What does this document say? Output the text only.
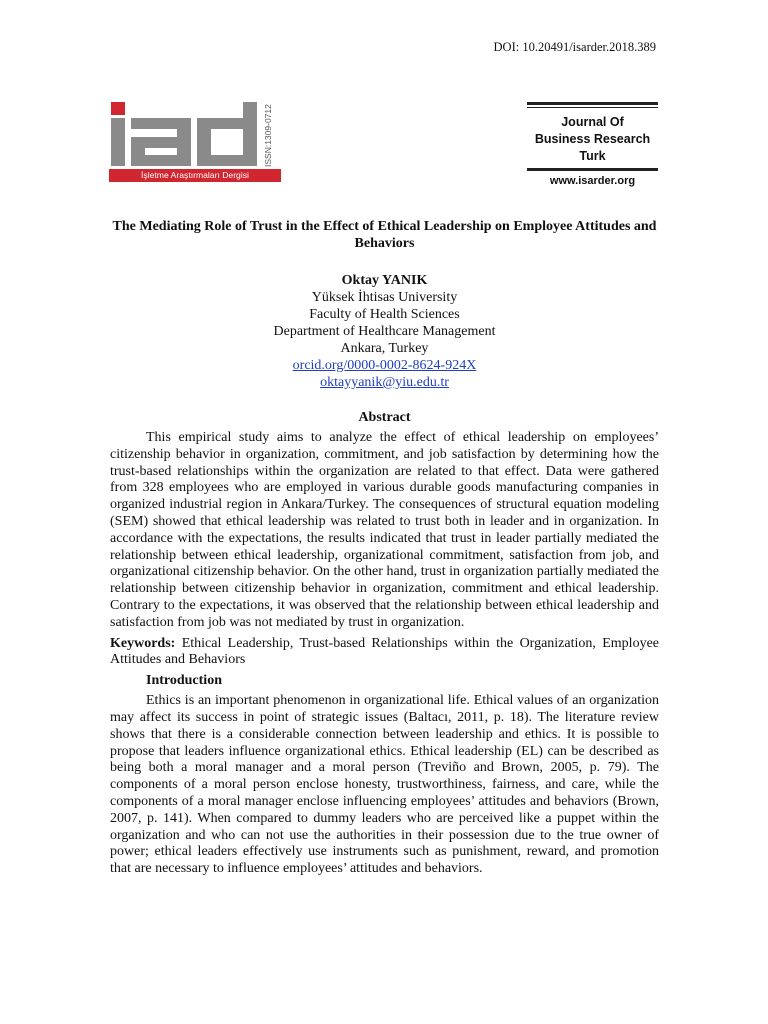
DOI: 10.20491/isarder.2018.389
ISSN:1309-0712
İşletme Araştırmaları Dergisi
Journal Of
Business Research
Turk
www.isarder.org
The Mediating Role of Trust in the Effect of Ethical Leadership on Employee Attitudes and Behaviors
Oktay YANIK
Yüksek İhtisas University
Faculty of Health Sciences
Department of Healthcare Management
Ankara, Turkey
orcid.org/0000-0002-8624-924X
oktayyanik@yiu.edu.tr
Abstract

This empirical study aims to analyze the effect of ethical leadership on employees’ citizenship behavior in organization, commitment, and job satisfaction by determining how the trust-based relationships within the organization are related to that effect. Data were gathered from 328 employees who are employed in various durable goods manufacturing companies in organized industrial region in Ankara/Turkey. The consequences of structural equation modeling (SEM) showed that ethical leadership was related to trust both in leader and in organization. In accordance with the expectations, the results indicated that trust in leader partially mediated the relationship between ethical leadership, organizational commitment, satisfaction from job, and organizational citizenship behavior. On the other hand, trust in organization partially mediated the relationship between citizenship behavior in organization, commitment and ethical leadership. Contrary to the expectations, it was observed that the relationship between ethical leadership and satisfaction from job was not mediated by trust in organization.

Keywords: Ethical Leadership, Trust-based Relationships within the Organization, Employee Attitudes and Behaviors
Introduction

Ethics is an important phenomenon in organizational life. Ethical values of an organization may affect its success in point of strategic issues (Baltacı, 2011, p. 18). The literature review shows that there is a considerable connection between leadership and ethics. It is possible to propose that leaders influence organizational ethics. Ethical leadership (EL) can be described as being both a moral manager and a moral person (Treviño and Brown, 2005, p. 79). The components of a moral person enclose honesty, trustworthiness, fairness, and care, while the components of a moral manager enclose influencing employees’ attitudes and behaviors (Brown, 2007, p. 141). When compared to dummy leaders who are perceived like a puppet within the organization and who can not use the authorities in their possession due to the true owner of power; ethical leaders effectively use instruments such as punishment, reward, and promotion that are necessary to influence employees’ attitudes and behaviors.
